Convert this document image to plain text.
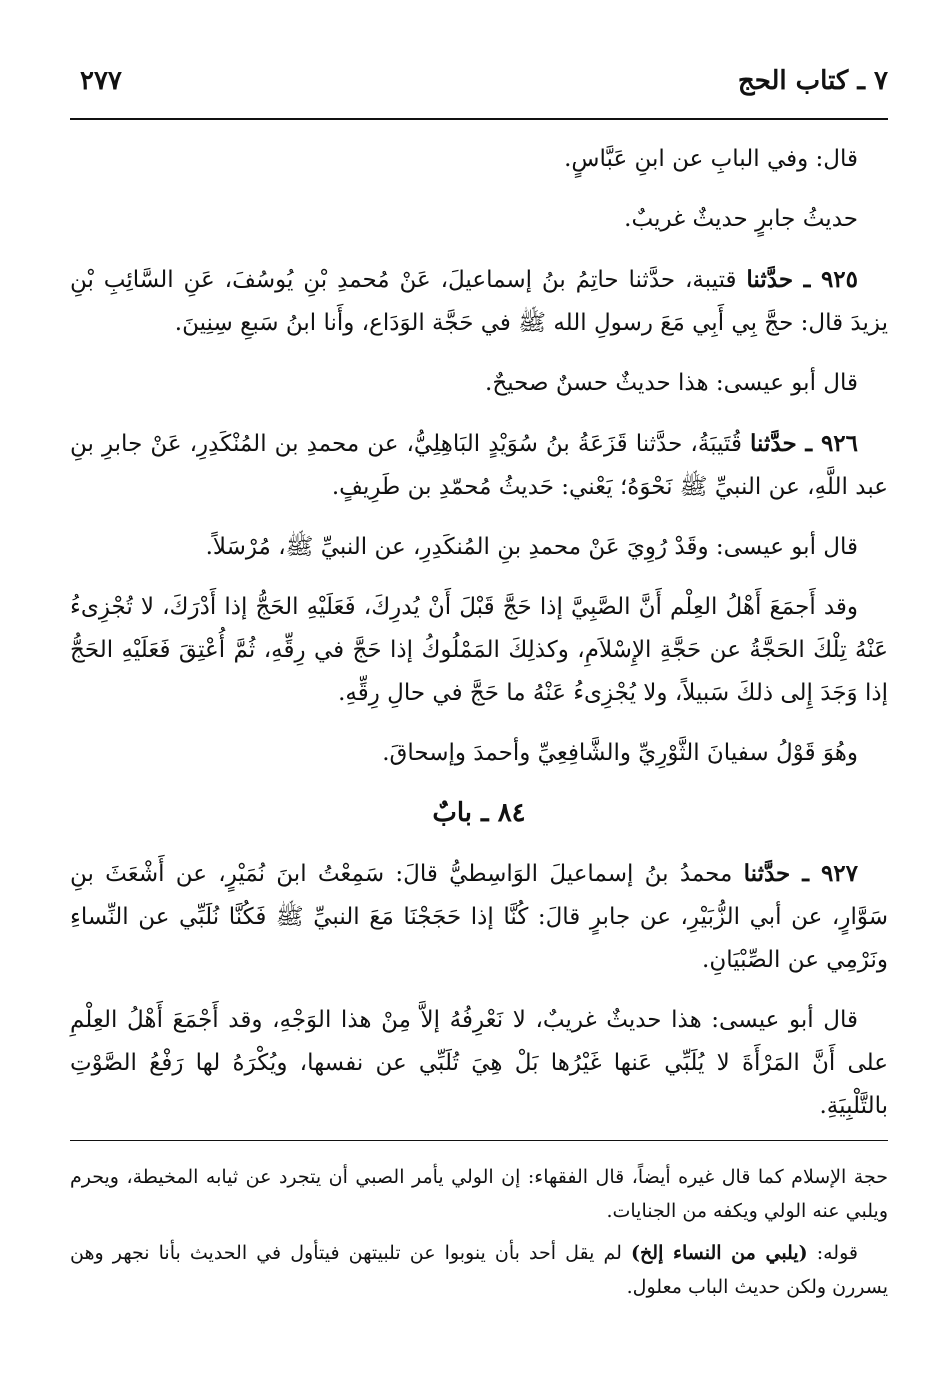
٢٧٧	٧ ـ كتاب الحج

قال: وفي البابِ عن ابنِ عَبَّاسٍ.

حديثُ جابرٍ حديثٌ غريبٌ.

٩٢٥ ـ حدَّثنا قتيبة، حدَّثنا حاتِمُ بنُ إسماعيلَ، عَنْ مُحمدِ بْنِ يُوسُفَ، عَنِ السَّائِبِ بْنِ يزيدَ قال: حجَّ بِي أَبِي مَعَ رسولِ الله ﷺ في حَجَّة الوَدَاع، وأَنا ابنُ سَبعِ سِنِينَ.

قال أبو عيسى: هذا حديثٌ حسنٌ صحيحٌ.

٩٢٦ ـ حدَّثنا قُتَيبَةُ، حدَّثنا قَزَعَةُ بنُ سُوَيْدٍ البَاهِلِيُّ، عن محمدِ بن المُنْكَدِرِ، عَنْ جابرِ بنِ عبد اللَّهِ، عن النبيِّ ﷺ نَحْوَهُ؛ يَعْني: حَديثُ مُحمّدِ بن طَرِيفٍ.

قال أبو عيسى: وقَدْ رُوِيَ عَنْ محمدِ بنِ المُنكَدِرِ، عن النبيِّ ﷺ، مُرْسَلاً.

وقد أَجمَعَ أَهْلُ العِلْم أَنَّ الصَّبِيَّ إذا حَجَّ قَبْلَ أَنْ يُدرِكَ، فَعَلَيْهِ الحَجُّ إذا أَدْرَكَ، لا تُجْزِىءُ عَنْهُ تِلْكَ الحَجَّةُ عن حَجَّةِ الإِسْلاَمِ، وكذلِكَ المَمْلُوكُ إذا حَجَّ في رِقِّهِ، ثُمَّ أُعْتِقَ فَعَلَيْهِ الحَجُّ إذا وَجَدَ إِلى ذلكَ سَبيلاً، ولا يُجْزِىءُ عَنْهُ ما حَجَّ في حالِ رِقِّهِ.

وهُوَ قَوْلُ سفيانَ الثَّوْرِيِّ والشَّافِعِيِّ وأحمدَ وإسحاقَ.

٨٤ ـ بابٌ

٩٢٧ ـ حدَّثنا محمدُ بنُ إسماعيلَ الوَاسِطيُّ قالَ: سَمِعْتُ ابنَ نُمَيْرٍ، عن أَشْعَثَ بنِ سَوَّارٍ، عن أبي الزُّبَيْرِ، عن جابرٍ قالَ: كُنَّا إذا حَجَجْنَا مَعَ النبيِّ ﷺ فَكُنَّا نُلَبِّي عن النِّساءِ ونَرْمِي عن الصِّبْيَانِ.

قال أبو عيسى: هذا حديثٌ غريبٌ، لا نَعْرِفُهُ إلاَّ مِنْ هذا الوَجْهِ، وقد أَجْمَعَ أَهْلُ العِلْمِ على أَنَّ المَرْأَةَ لا يُلَبِّي عَنها غَيْرُها بَلْ هِيَ تُلَبِّي عن نفسها، ويُكْرَهُ لها رَفْعُ الصَّوْتِ بالتَّلْبِيَةِ.

حجة الإسلام كما قال غيره أيضاً، قال الفقهاء: إن الولي يأمر الصبي أن يتجرد عن ثيابه المخيطة، ويحرم ويلبي عنه الولي ويكفه من الجنايات.

قوله: (يلبي من النساء إلخ) لم يقل أحد بأن ينوبوا عن تلبيتهن فيتأول في الحديث بأنا نجهر وهن يسررن ولكن حديث الباب معلول.
